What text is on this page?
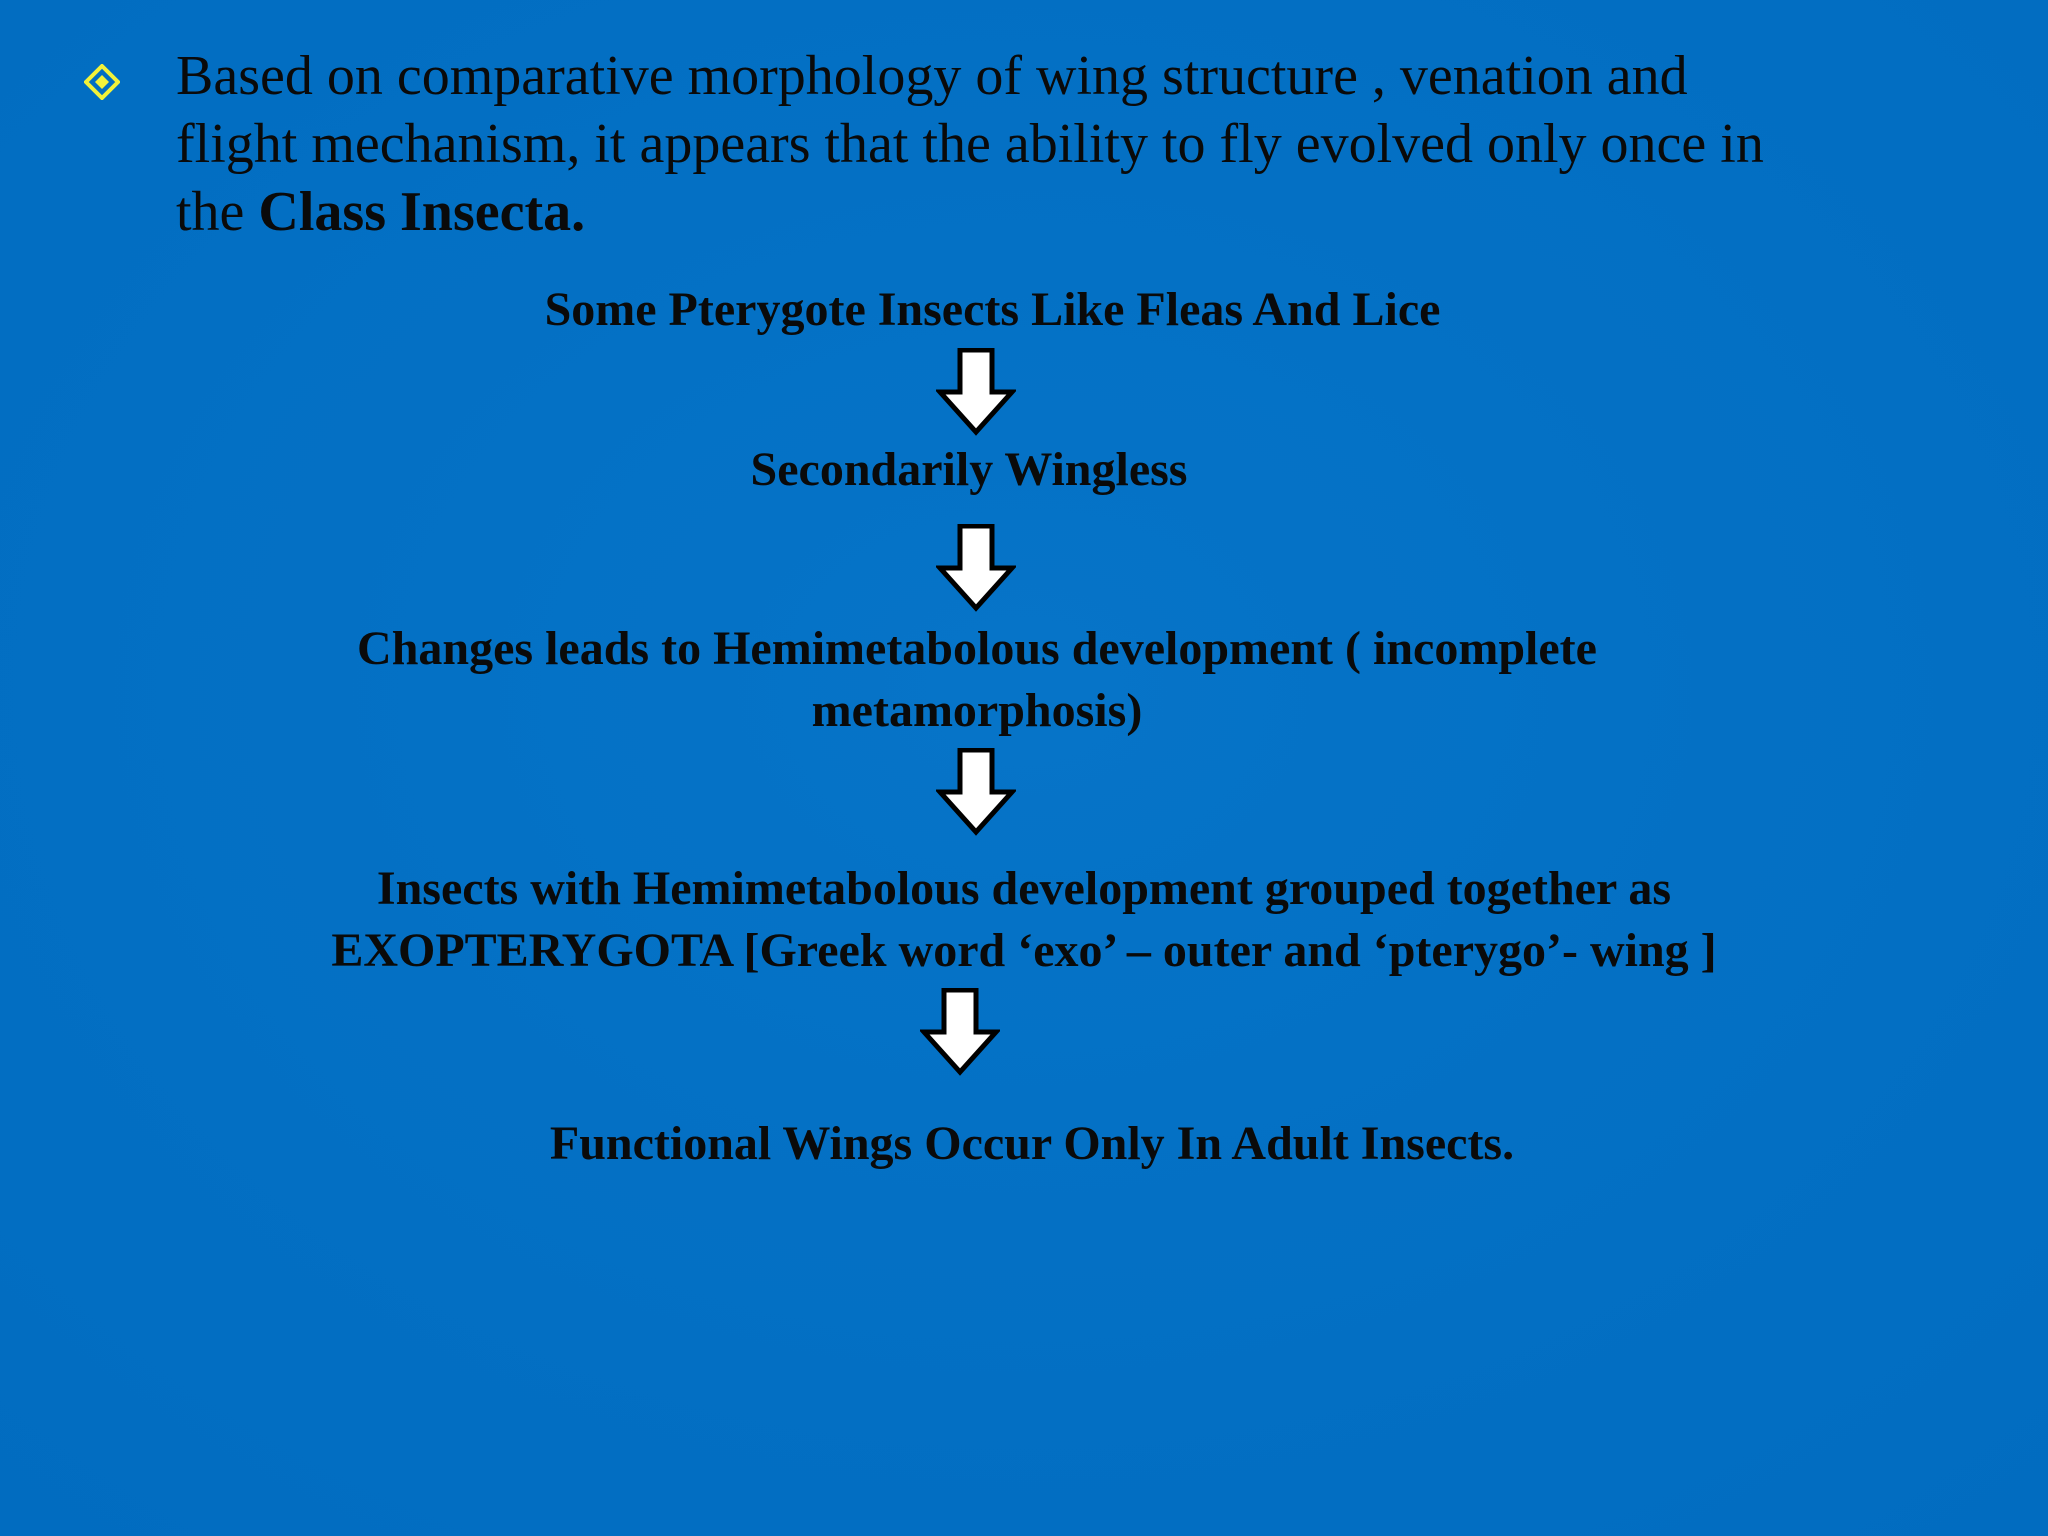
Based on comparative morphology of wing structure , venation and
flight mechanism, it appears that the ability to fly evolved only once in
the Class Insecta.
Some Pterygote Insects Like Fleas And Lice
Secondarily Wingless
Changes leads to Hemimetabolous development ( incomplete
metamorphosis)
Insects with Hemimetabolous development grouped together as
EXOPTERYGOTA [Greek word ‘exo’ – outer and ‘pterygo’- wing ]
Functional Wings Occur Only In Adult Insects.
